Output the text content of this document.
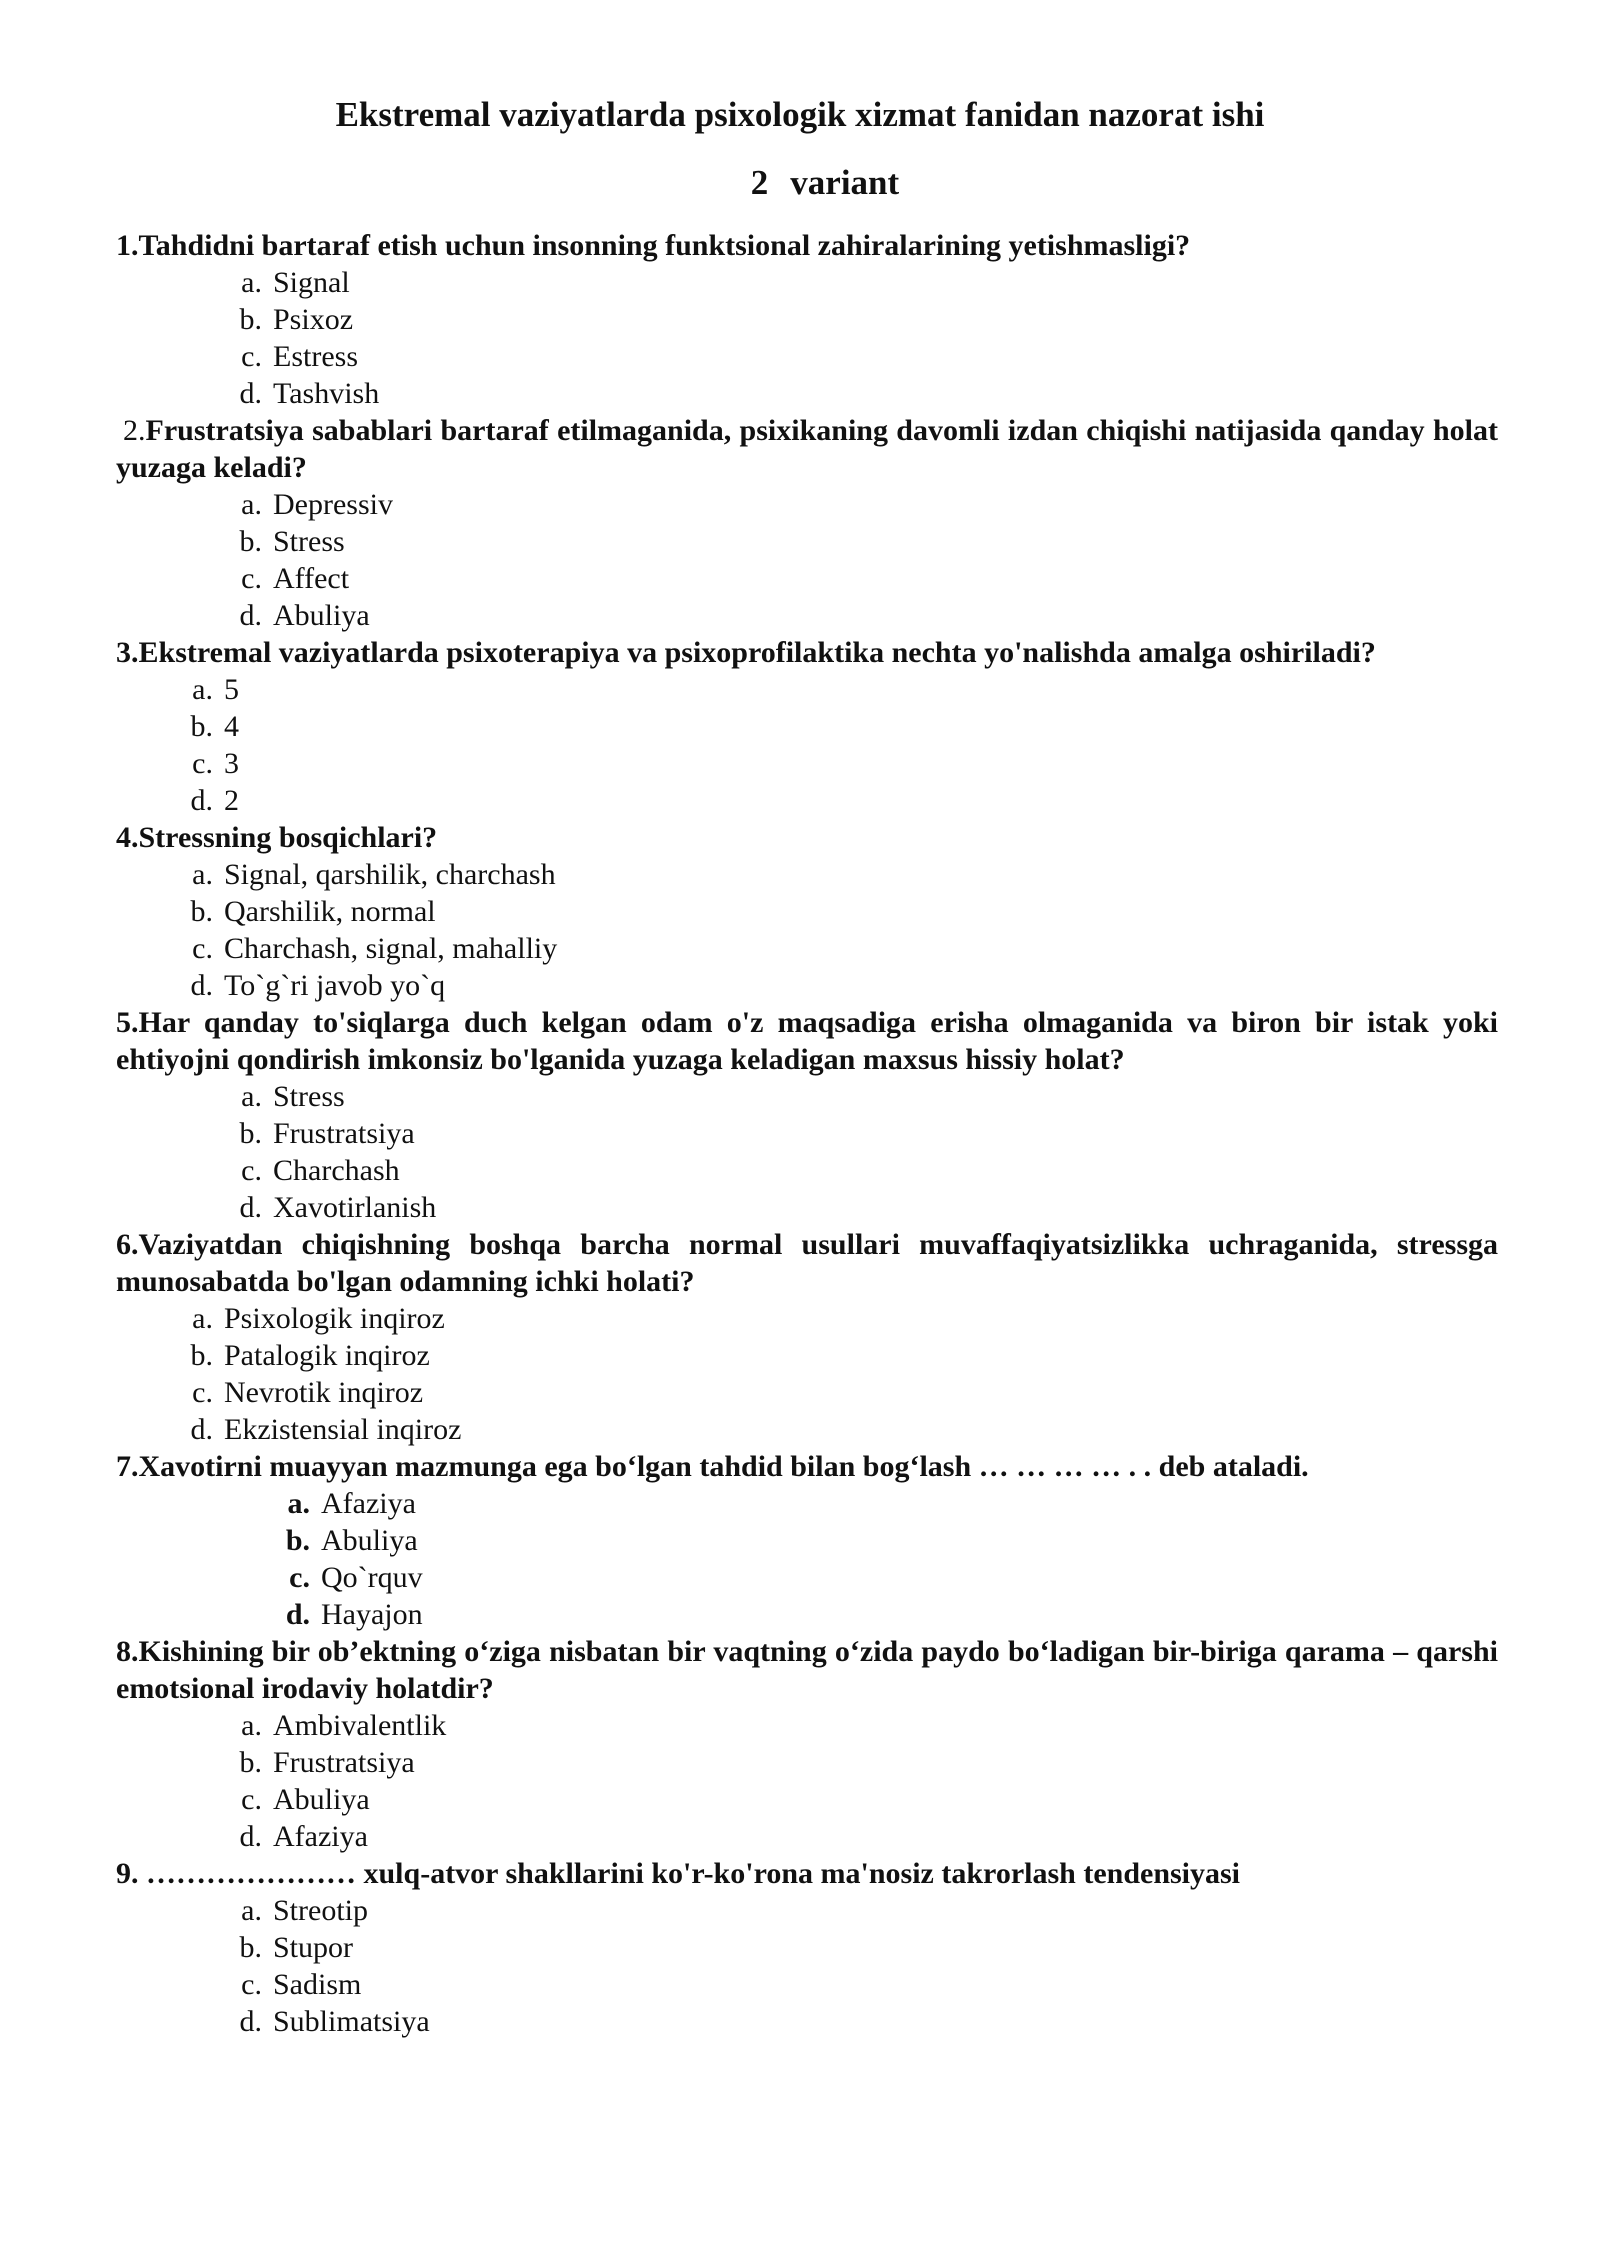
Ekstremal vaziyatlarda psixologik xizmat fanidan nazorat ishi
2 variant

1.Tahdidni bartaraf etish uchun insonning funktsional zahiralarining yetishmasligi?

a. Signal
b. Psixoz
c. Estress
d. Tashvish

2.Frustratsiya sabablari bartaraf etilmaganida, psixikaning davomli izdan chiqishi natijasida qanday holat yuzaga keladi?

a. Depressiv
b. Stress
c. Affect
d. Abuliya

3.Ekstremal vaziyatlarda psixoterapiya va psixoprofilaktika nechta yo'nalishda amalga oshiriladi?

a. 5
b. 4
c. 3
d. 2

4.Stressning bosqichlari?

a. Signal, qarshilik, charchash
b. Qarshilik, normal
c. Charchash, signal, mahalliy
d. To`g`ri javob yo`q

5.Har qanday to'siqlarga duch kelgan odam o'z maqsadiga erisha olmaganida va biron bir istak yoki ehtiyojni qondirish imkonsiz bo'lganida yuzaga keladigan maxsus hissiy holat?

a. Stress
b. Frustratsiya
c. Charchash
d. Xavotirlanish

6.Vaziyatdan chiqishning boshqa barcha normal usullari muvaffaqiyatsizlikka uchraganida, stressga munosabatda bo'lgan odamning ichki holati?

a. Psixologik inqiroz
b. Patalogik inqiroz
c. Nevrotik inqiroz
d. Ekzistensial inqiroz

7.Xavotirni muayyan mazmunga ega bo‘lgan tahdid bilan bog‘lash … … … … . . deb ataladi.

a. Afaziya
b. Abuliya
c. Qo`rquv
d. Hayajon

8.Kishining bir ob’ektning o‘ziga nisbatan bir vaqtning o‘zida paydo bo‘ladigan bir-biriga qarama – qarshi emotsional irodaviy holatdir?

a. Ambivalentlik
b. Frustratsiya
c. Abuliya
d. Afaziya

9. ………………… xulq-atvor shakllarini ko'r-ko'rona ma'nosiz takrorlash tendensiyasi

a. Streotip
b. Stupor
c. Sadism
d. Sublimatsiya
